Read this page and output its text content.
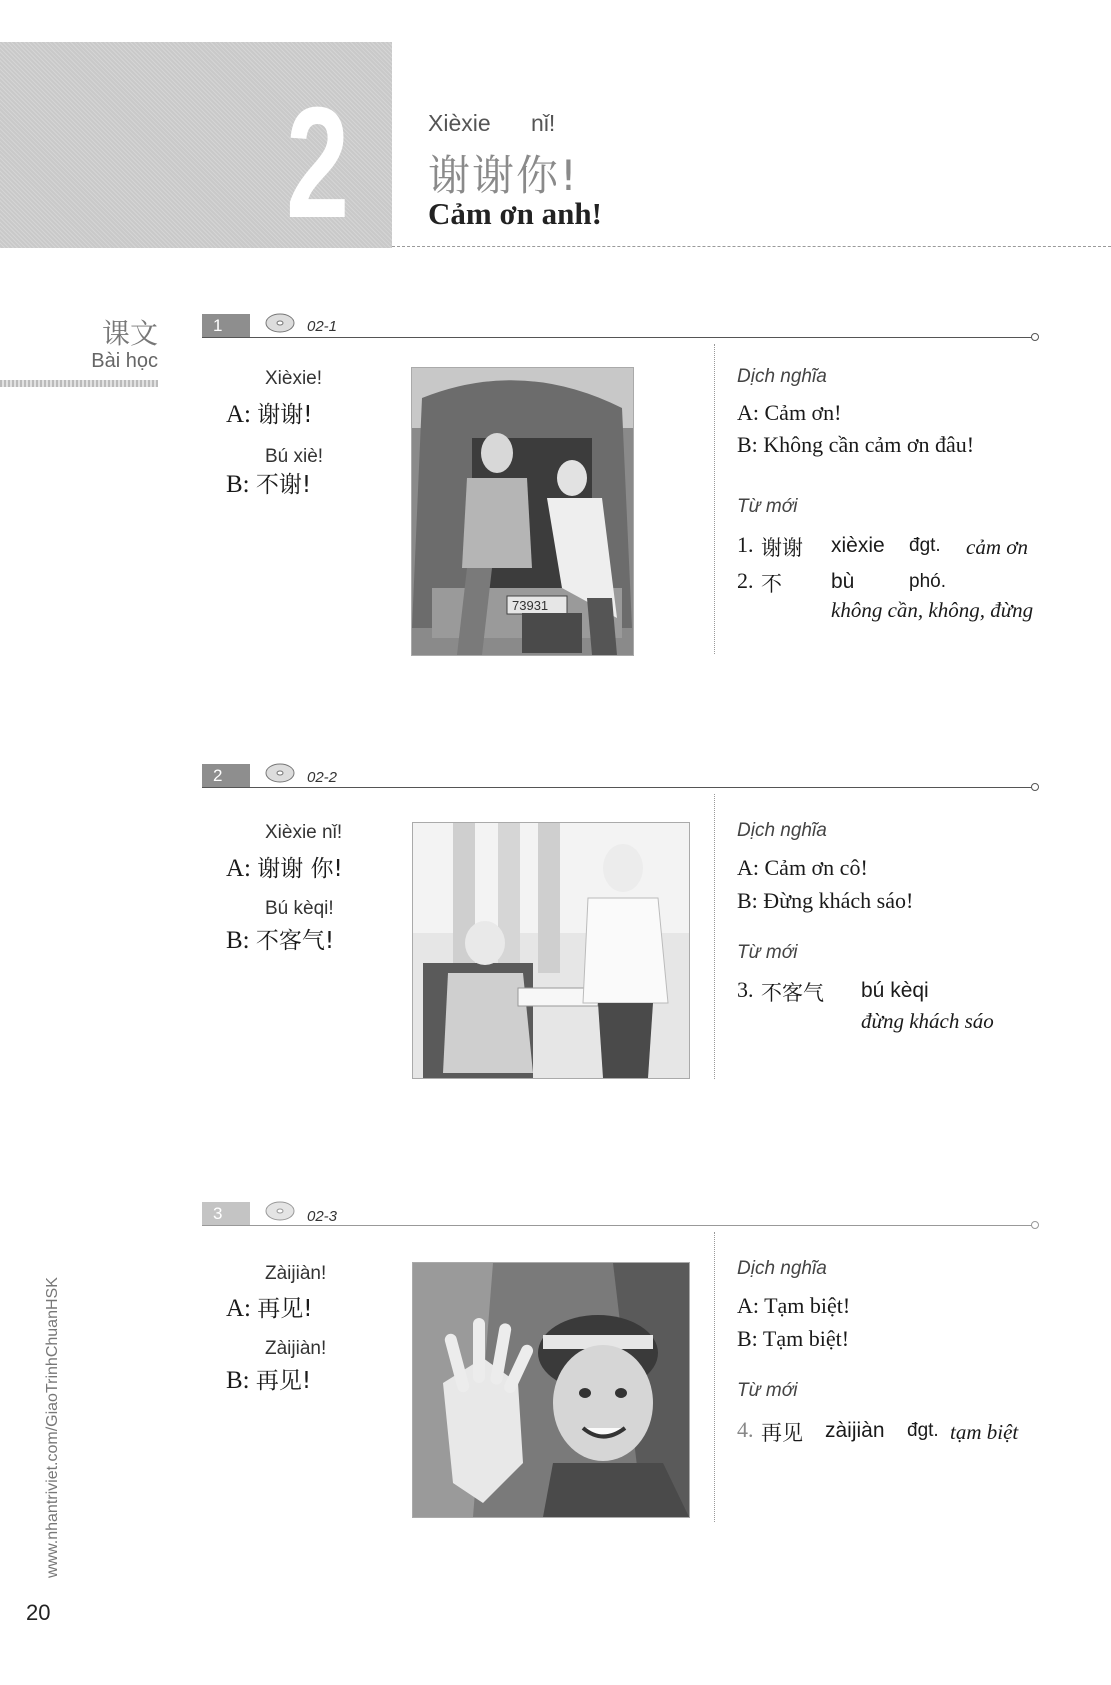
2	Xièxie nǐ!
谢谢你!
Cảm ơn anh!
课文
Bài học
1	02-1
Xièxie!
A: 谢谢!
Bú xiè!
B: 不谢!
73931
Dịch nghĩa
A: Cảm ơn!
B: Không cần cảm ơn đâu!
Từ mới
1. 谢谢 xièxie đgt. cảm ơn
2. 不 bù	phó.
không cần, không, đừng
2	02-2
Xièxie nǐ!
A: 谢谢 你!
Bú kèqi!
B: 不客气!
Dịch nghĩa
A: Cảm ơn cô!
B: Đừng khách sáo!
Từ mới
3. 不客气 bú kèqi
đừng khách sáo
3	02-3
Zàijiàn!
A: 再见!
Zàijiàn!
B: 再见!
Dịch nghĩa
A: Tạm biệt!
B: Tạm biệt!
Từ mới
4. 再见 zàijiàn đgt. tạm biệt
www.nhantriviet.com/GiaoTrinhChuanHSK
20
